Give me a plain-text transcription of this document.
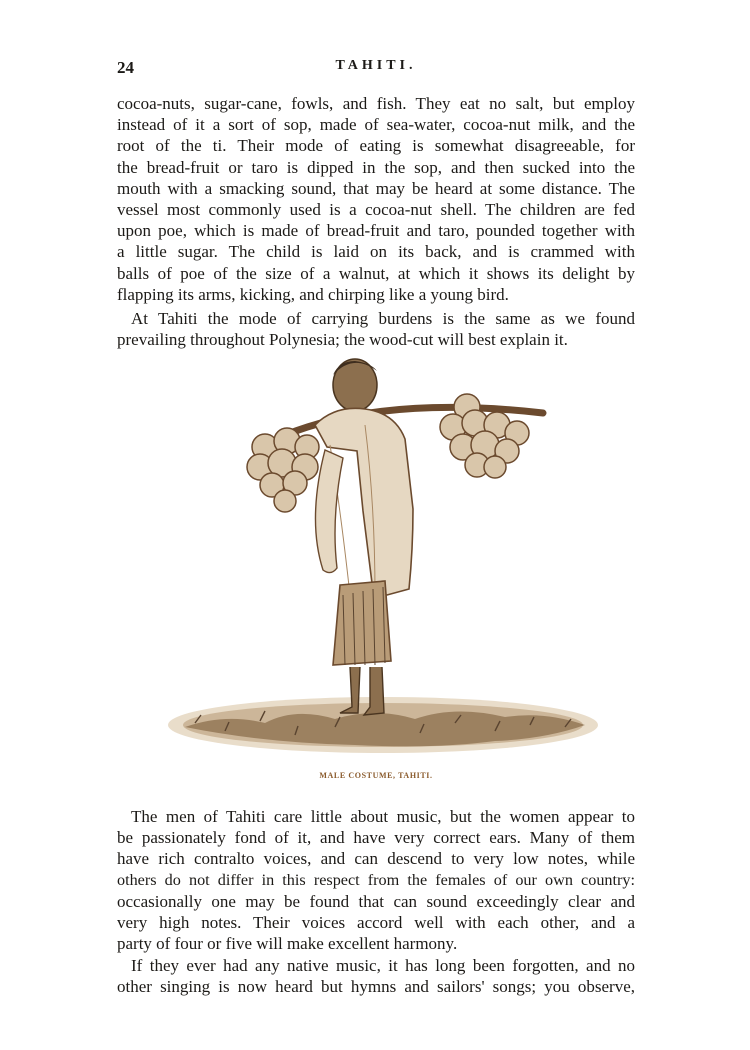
24	TAHITI.

cocoa-nuts, sugar-cane, fowls, and fish. They eat no salt, but employ
instead of it a sort of sop, made of sea-water, cocoa-nut milk, and the
root of the ti. Their mode of eating is somewhat disagreeable, for
the bread-fruit or taro is dipped in the sop, and then sucked into the
mouth with a smacking sound, that may be heard at some distance. The
vessel most commonly used is a cocoa-nut shell. The children are fed
upon poe, which is made of bread-fruit and taro, pounded together with
a little sugar. The child is laid on its back, and is crammed with
balls of poe of the size of a walnut, at which it shows its delight by
flapping its arms, kicking, and chirping like a young bird.

At Tahiti the mode of carrying burdens is the same as we found
prevailing throughout Polynesia; the wood-cut will best explain it.

MALE COSTUME, TAHITI.

The men of Tahiti care little about music, but the women appear to
be passionately fond of it, and have very correct ears. Many of them
have rich contralto voices, and can descend to very low notes, while
others do not differ in this respect from the females of our own country:
occasionally one may be found that can sound exceedingly clear and
very high notes. Their voices accord well with each other, and a
party of four or five will make excellent harmony.

If they ever had any native music, it has long been forgotten, and no
other singing is now heard but hymns and sailors' songs; you observe,
